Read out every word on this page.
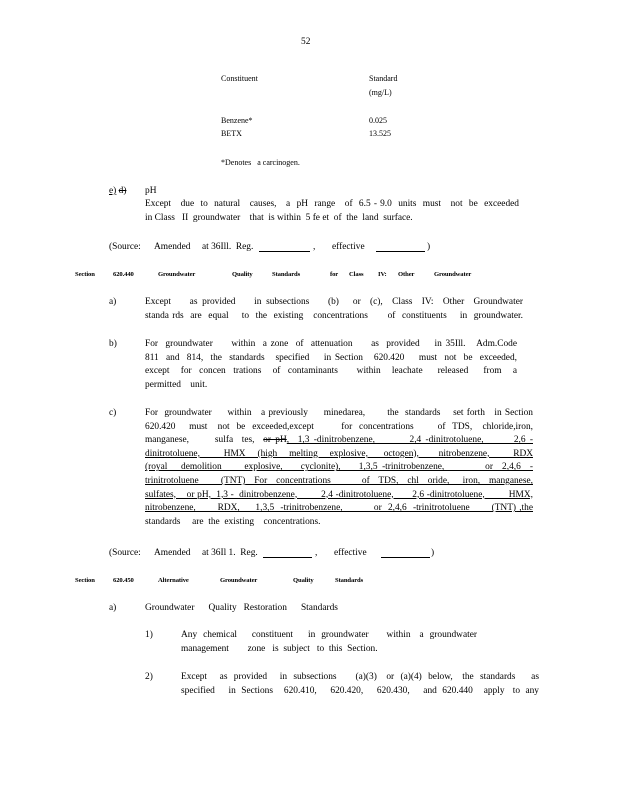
52
Constituent	Standard
(mg/L)
Benzene*	0.025
BETX	13.525
*Denotes   a carcinogen.
e) d) pH
Except   due  to  natural   causes,   a  pH  range   of  6.5 - 9.0  units  must   not  be  exceeded
in Class   II  groundwater    that  is within  5 fe et  of  the  land  surface.
(Source: Amended at 36Ill.  Reg.	, effective	)
Section	620.440	Groundwater	Quality	Standards	for Class IV: Other	Groundwater
a)	Except    as provided    in subsections    (b)   or  (c),  Class  IV:  Other  Groundwater
standa rds  are  equal    to  the  existing   concentrations      of  constituents    in  groundwater.
b)	For  groundwater     within  a zone  of  attenuation     as  provided    in 35Ill.   Adm.Code
811  and  814,  the  standards   specified    in Section   620.420    must  not  be  exceeded,
except   for  concen  trations   of  contaminants     within   leachate    released    from   a
permitted    unit.
c)	For  groundwater     within   a previously     minedarea,       the  standards    set forth   in Section
620.420    must   not  be  exceeded,except        for  concentrations       of  TDS,   chloride,iron,
manganese,      sulfa  tes,  or pH,  1,3 -dinitrobenzene,        2,4 -dinitrotoluene,       2,6 -
dinitrotoluene,      HMX   (high   melting   explosive,    octogen),     nitrobenzene,      RDX
(royal   demolition     explosive,    cyclonite),    1,3,5 -trinitrobenzene,         or  2,4,6  -
trinitrotoluene     (TNT)  For  concentrations       of  TDS,  chl  oride,   iron,  manganese,
sulfates,    or pH,  1,3 -  dinitrobenzene,         2,4 -dinitrotoluene,       2,6 -dinitrotoluene,         HMX,
nitrobenzene,       RDX,     1,3,5  -trinitrobenzene,          or  2,4,6  -trinitrotoluene       (TNT) ,the
standards     are  the  existing    concentrations.
(Source: Amended at 36Il 1.  Reg.	, effective	)
Section	620.450	Alternative	Groundwater	Quality	Standards
a)	Groundwater      Quality   Restoration      Standards
1)	Any  chemical     constituent     in  groundwater      within   a  groundwater
management        zone   is  subject   to  this  Section.
2)	Except    as  provided    in  subsections      (a)(3)   or  (a)(4)  below,   the  standards     as
specified     in  Sections    620.410,     620.420,     620.430,     and  620.440    apply   to  any
